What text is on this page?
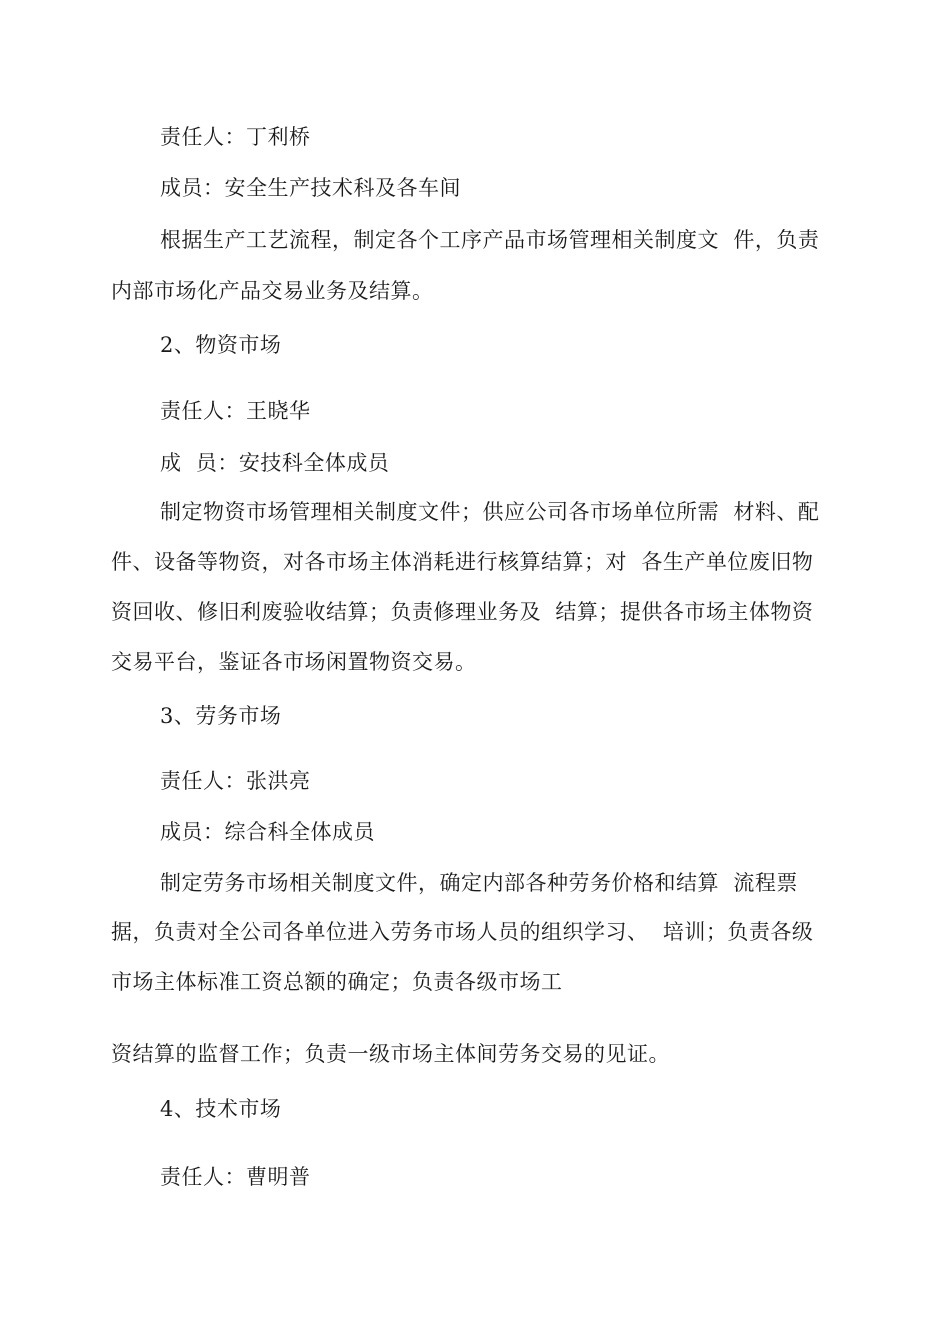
责任人：丁利桥
成员：安全生产技术科及各车间
根据生产工艺流程，制定各个工序产品市场管理相关制度文  件，负责
内部市场化产品交易业务及结算。
2、物资市场
责任人：王晓华
成  员：安技科全体成员
制定物资市场管理相关制度文件；供应公司各市场单位所需  材料、配
件、设备等物资，对各市场主体消耗进行核算结算；对  各生产单位废旧物
资回收、修旧利废验收结算；负责修理业务及  结算；提供各市场主体物资
交易平台，鉴证各市场闲置物资交易。
3、劳务市场
责任人：张洪亮
成员：综合科全体成员
制定劳务市场相关制度文件，确定内部各种劳务价格和结算  流程票
据，负责对全公司各单位进入劳务市场人员的组织学习、  培训；负责各级
市场主体标准工资总额的确定；负责各级市场工
资结算的监督工作；负责一级市场主体间劳务交易的见证。
4、技术市场
责任人：曹明普
